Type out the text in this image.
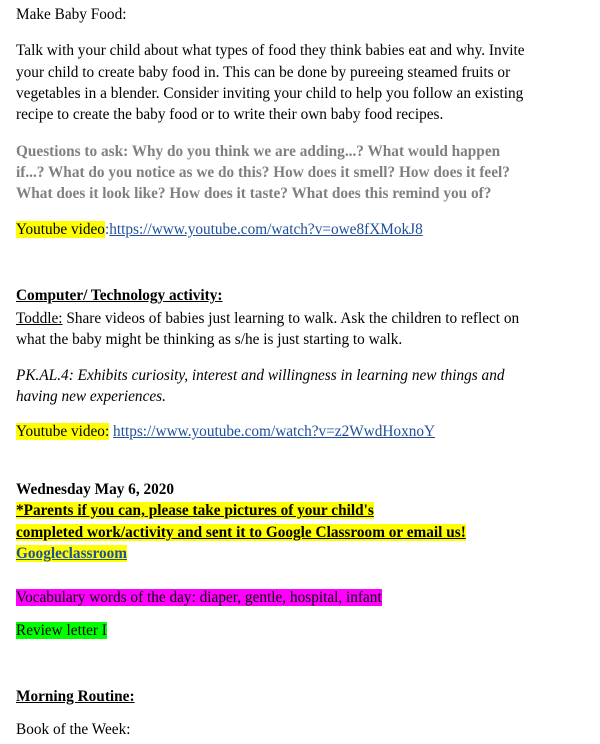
Make Baby Food:
Talk with your child about what types of food they think babies eat and why. Invite
your child to create baby food in. This can be done by pureeing steamed fruits or
vegetables in a blender. Consider inviting your child to help you follow an existing
recipe to create the baby food or to write their own baby food recipes.
Questions to ask: Why do you think we are adding...? What would happen
if...? What do you notice as we do this? How does it smell? How does it feel?
What does it look like? How does it taste? What does this remind you of?
Youtube video:https://www.youtube.com/watch?v=owe8fXMokJ8
Computer/ Technology activity:
Toddle: Share videos of babies just learning to walk. Ask the children to reflect on
what the baby might be thinking as s/he is just starting to walk.
PK.AL.4: Exhibits curiosity, interest and willingness in learning new things and
having new experiences.
Youtube video: https://www.youtube.com/watch?v=z2WwdHoxnoY
Wednesday May 6, 2020
*Parents if you can, please take pictures of your child's
completed work/activity and sent it to Google Classroom or email us!
Googleclassroom
Vocabulary words of the day: diaper, gentle, hospital, infant
Review letter I
Morning Routine:
Book of the Week:
